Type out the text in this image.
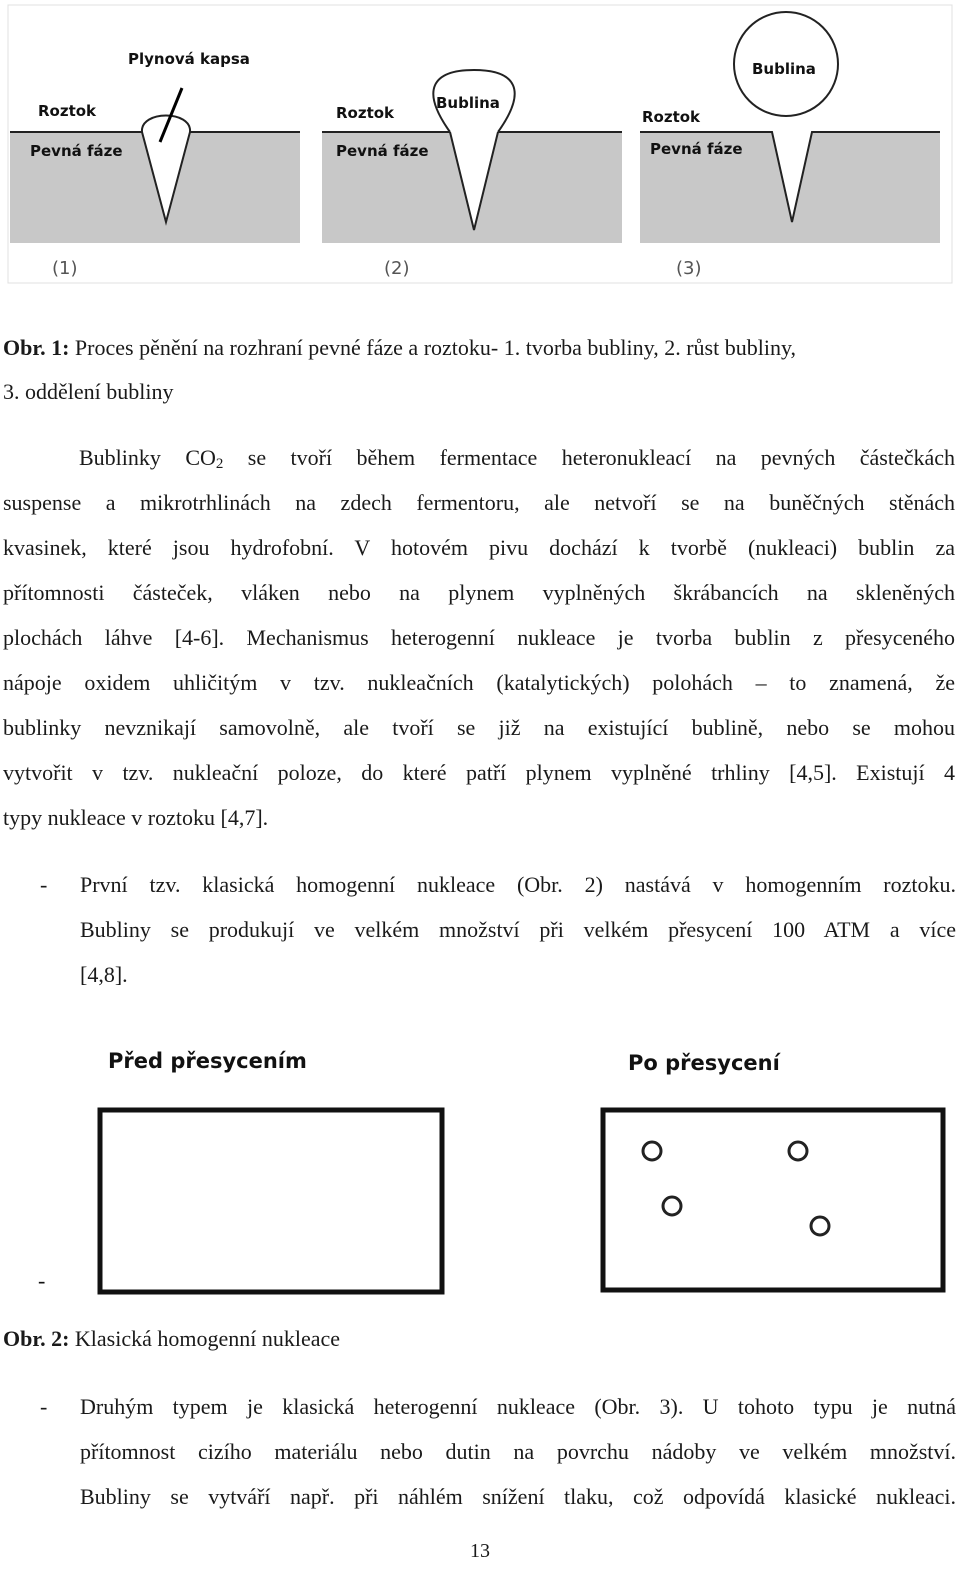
Plynová kapsa
Roztok
Pevná fáze
(1)
Bublina
Roztok
Pevná fáze
(2)
Bublina
Roztok
Pevná fáze
(3)
Obr. 1: Proces pěnění na rozhraní pevné fáze a roztoku- 1. tvorba bubliny, 2. růst bubliny,
3. oddělení bubliny
Bublinky $CO_2$ se tvoří během fermentace heteronukleací na pevných částečkách
suspense a mikrotrhlinách na zdech fermentoru, ale netvoří se na buněčných stěnách
kvasinek, které jsou hydrofobní. V hotovém pivu dochází k tvorbě (nukleaci) bublin za
přítomnosti částeček, vláken nebo na plynem vyplněných škrábancích na skleněných
plochách láhve [4-6]. Mechanismus heterogenní nukleace je tvorba bublin z přesyceného
nápoje oxidem uhličitým v tzv. nukleačních (katalytických) polohách – to znamená, že
bublinky nevznikají samovolně, ale tvoří se již na existující bublině, nebo se mohou
vytvořit v tzv. nukleační poloze, do které patří plynem vyplněné trhliny [4,5]. Existují 4
typy nukleace v roztoku [4,7].
- První tzv. klasická homogenní nukleace (Obr. 2) nastává v homogenním roztoku.
Bubliny se produkují ve velkém množství při velkém přesycení 100 ATM a více
[4,8].
Před přesycením	Po přesycení
-
Obr. 2: Klasická homogenní nukleace
- Druhým typem je klasická heterogenní nukleace (Obr. 3). U tohoto typu je nutná
přítomnost cizího materiálu nebo dutin na povrchu nádoby ve velkém množství.
Bubliny se vytváří např. při náhlém snížení tlaku, což odpovídá klasické nukleaci.
13
